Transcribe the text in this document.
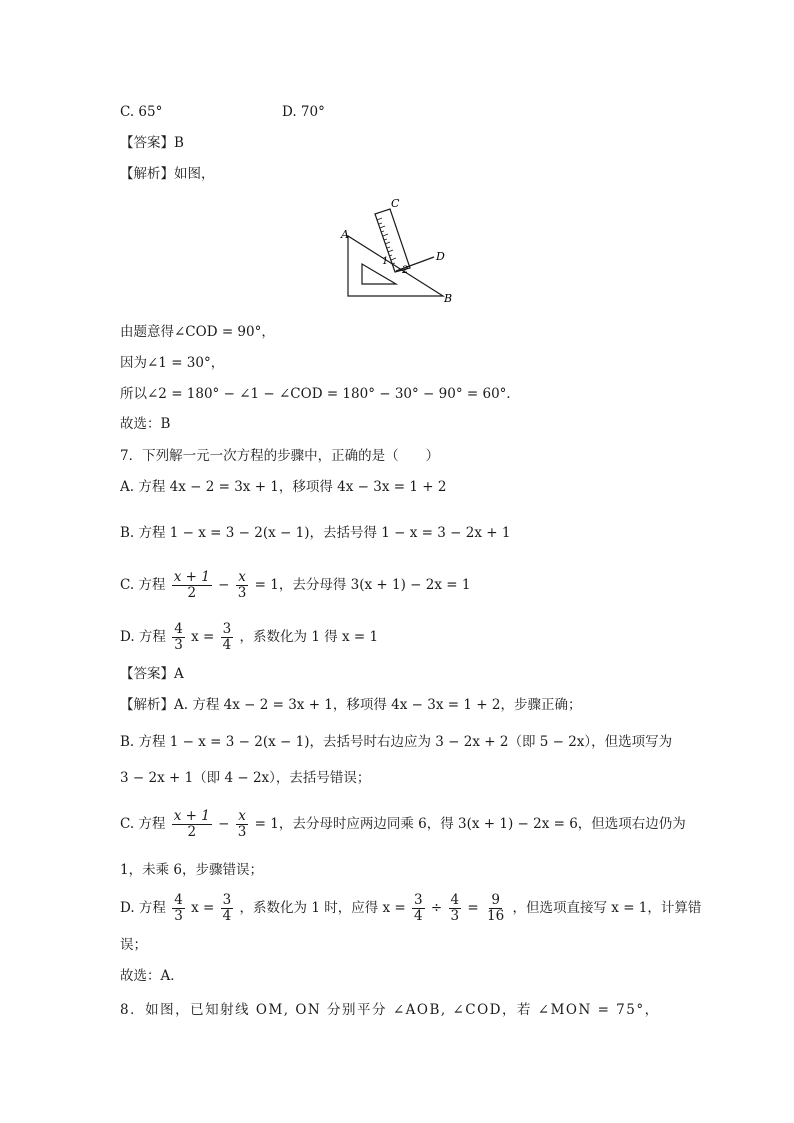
C. 65°	D. 70°
【答案】B
【解析】如图，
A
B
C
D
1
2
由题意得∠COD = 90°，
因为∠1 = 30°，
所以∠2 = 180° − ∠1 − ∠COD = 180° − 30° − 90° = 60°．
故选：B
7．下列解一元一次方程的步骤中，正确的是（　　）
A. 方程 4x − 2 = 3x + 1，移项得 4x − 3x = 1 + 2
B. 方程 1 − x = 3 − 2(x − 1)，去括号得 1 − x = 3 − 2x + 1
C. 方程 $\frac{x + 1}{2} - \frac{x}{3} = 1$，去分母得 3(x + 1) − 2x = 1
D. 方程 $\frac{4}{3}$ $x = \frac{3}{4}$ ，系数化为 1 得 x = 1
【答案】A
【解析】A. 方程 4x − 2 = 3x + 1，移项得 4x − 3x = 1 + 2，步骤正确；
B. 方程 1 − x = 3 − 2(x − 1)，去括号时右边应为 3 − 2x + 2（即 5 − 2x），但选项写为
3 − 2x + 1（即 4 − 2x），去括号错误；
C. 方程 $\frac{x + 1}{2} - \frac{x}{3} = 1$，去分母时应两边同乘 6，得 3(x + 1) − 2x = 6，但选项右边仍为
1，未乘 6，步骤错误；
D. 方程 $\frac{4}{3}$ $x = \frac{3}{4}$ ，系数化为 1 时，应得 $x = \frac{3}{4} \div \frac{4}{3} = \frac{9}{16}$ ，但选项直接写 x = 1，计算错
误；
故选：A．
8．如图，已知射线 OM, ON 分别平分 ∠AOB, ∠COD，若 ∠MON = 75°，
